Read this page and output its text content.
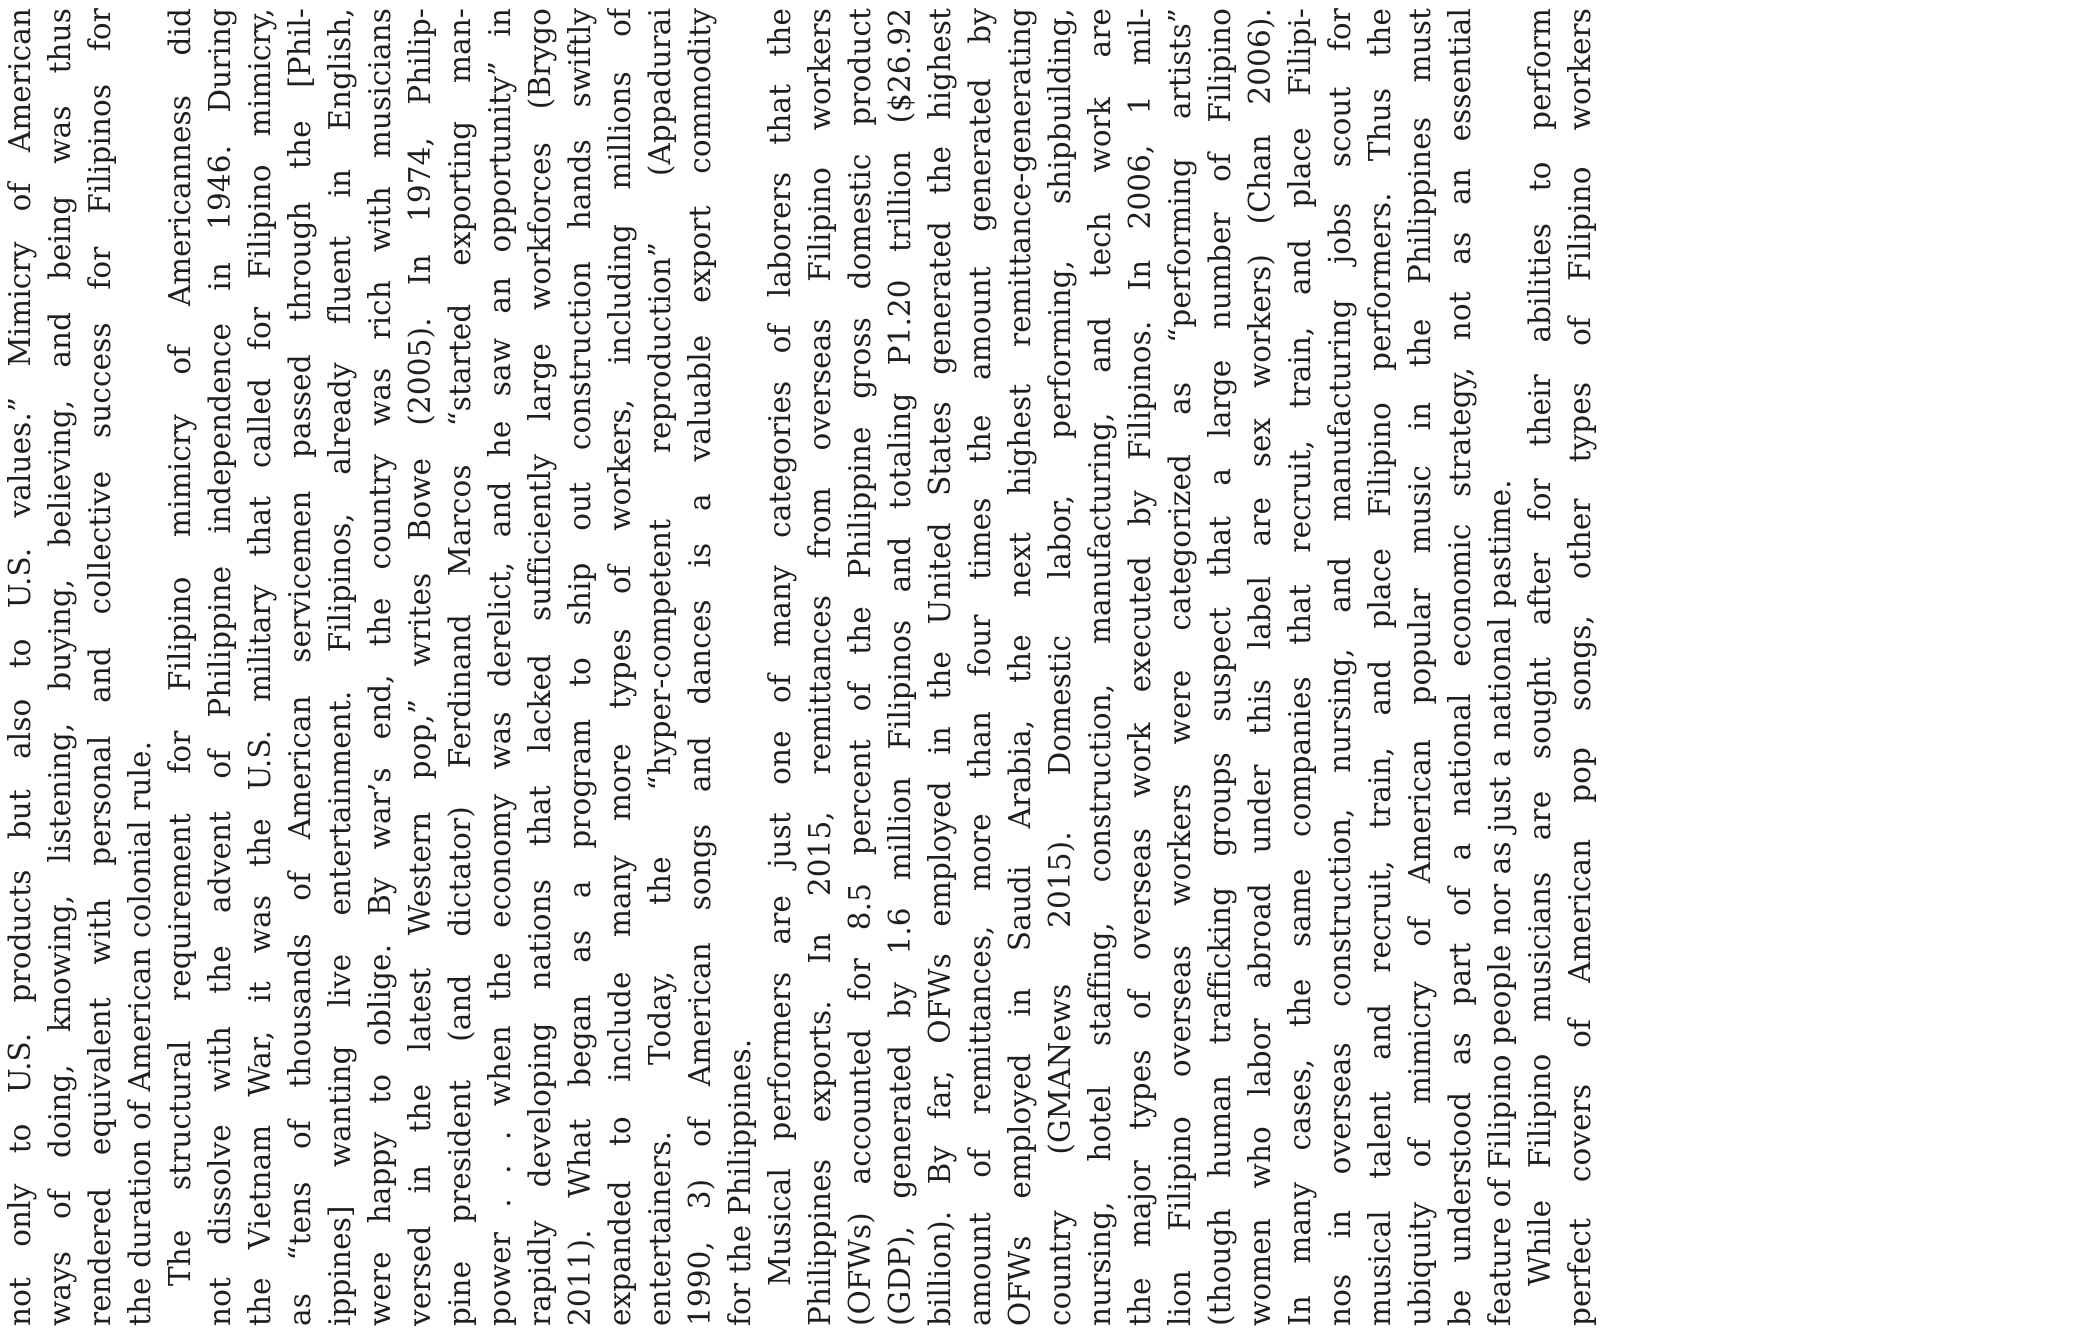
not only to U.S. products but also to U.S. values.” Mimicry of American ways of doing, knowing, listening, buying, believing, and being was thus rendered equivalent with personal and collective success for Filipinos for the duration of American colonial rule. The structural requirement for Filipino mimicry of Americanness did not dissolve with the advent of Philippine independence in 1946. During the Vietnam War, it was the U.S. military that called for Filipino mimicry, as “tens of thousands of American servicemen passed through the [Phil- ippines] wanting live entertainment. Filipinos, already fluent in English, were happy to oblige. By war’s end, the country was rich with musicians versed in the latest Western pop,” writes Bowe (2005). In 1974, Philip- pine president (and dictator) Ferdinand Marcos “started exporting man- power . . . when the economy was derelict, and he saw an opportunity” in rapidly developing nations that lacked sufficiently large workforces (Brygo 2011). What began as a program to ship out construction hands swiftly expanded to include many more types of workers, including millions of entertainers. Today, the “hyper-competent reproduction” (Appadurai 1990, 3) of American songs and dances is a valuable export commodity for the Philippines. Musical performers are just one of many categories of laborers that the Philippines exports. In 2015, remittances from overseas Filipino workers (OFWs) accounted for 8.5 percent of the Philippine gross domestic product (GDP), generated by 1.6 million Filipinos and totaling P1.20 trillion ($26.92 billion). By far, OFWs employed in the United States generated the highest amount of remittances, more than four times the amount generated by OFWs employed in Saudi Arabia, the next highest remittance-generating country (GMANews 2015). Domestic labor, performing, shipbuilding, nursing, hotel staffing, construction, manufacturing, and tech work are the major types of overseas work executed by Filipinos. In 2006, 1 mil- lion Filipino overseas workers were categorized as “performing artists” (though human trafficking groups suspect that a large number of Filipino women who labor abroad under this label are sex workers) (Chan 2006). In many cases, the same companies that recruit, train, and place Filipi- nos in overseas construction, nursing, and manufacturing jobs scout for musical talent and recruit, train, and place Filipino performers. Thus the ubiquity of mimicry of American popular music in the Philippines must be understood as part of a national economic strategy, not as an essential feature of Filipino people nor as just a national pastime. While Filipino musicians are sought after for their abilities to perform perfect covers of American pop songs, other types of Filipino workers
